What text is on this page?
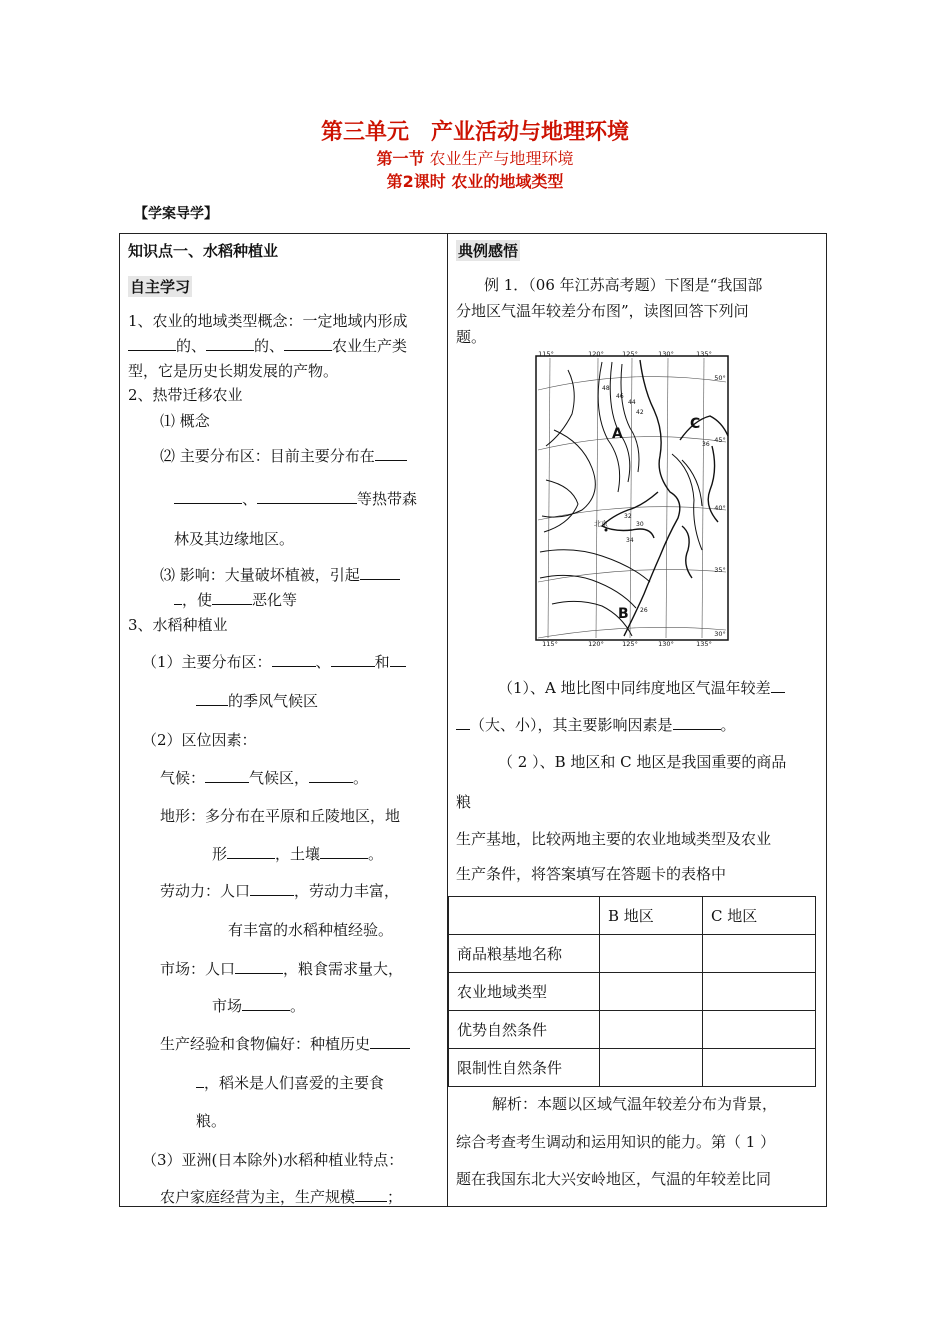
第三单元 产业活动与地理环境
第一节 农业生产与地理环境
第2课时 农业的地域类型
【学案导学】
知识点一、水稻种植业
自主学习
1、农业的地域类型概念：一定地域内形成
的、	的、	农业生产类
型，它是历史长期发展的产物。
2、热带迁移农业
⑴ 概念
⑵ 主要分布区：目前主要分布在
、	等热带森
林及其边缘地区。
⑶ 影响：大量破坏植被，引起
，使	恶化等
3、水稻种植业
（1）主要分布区：	、	和
的季风气候区
（2）区位因素：
气候：	气候区，	。
地形：多分布在平原和丘陵地区，地
形	，土壤	。
劳动力：人口	，劳动力丰富，
有丰富的水稻种植经验。
市场：人口	，粮食需求量大，
市场	。
生产经验和食物偏好：种植历史
，稻米是人们喜爱的主要食
粮。
（3）亚洲(日本除外)水稻种植业特点：
农户家庭经营为主，生产规模 ；
典例感悟
例 1．（06 年江苏高考题）下图是“我国部
分地区气温年较差分布图”，读图回答下列问
题。
（1）、A 地比图中同纬度地区气温年较差
（大、小），其主要影响因素是	。
（ 2 ）、B 地区和 C 地区是我国重要的商品
粮
生产基地，比较两地主要的农业地域类型及农业
生产条件，将答案填写在答题卡的表格中
解析：本题以区域气温年较差分布为背景，
综合考查考生调动和运用知识的能力。第（ 1 ）
题在我国东北大兴安岭地区，气温的年较差比同
115°	120°	125°	130°	135°
115°	120°	125°	130°	135°
50°
45°
40°
35°
30°
48
46
44
42
36
32
30
34
26
北京
A
C
B
	B 地区	C 地区
商品粮基地名称		
农业地域类型		
优势自然条件		
限制性自然条件		
